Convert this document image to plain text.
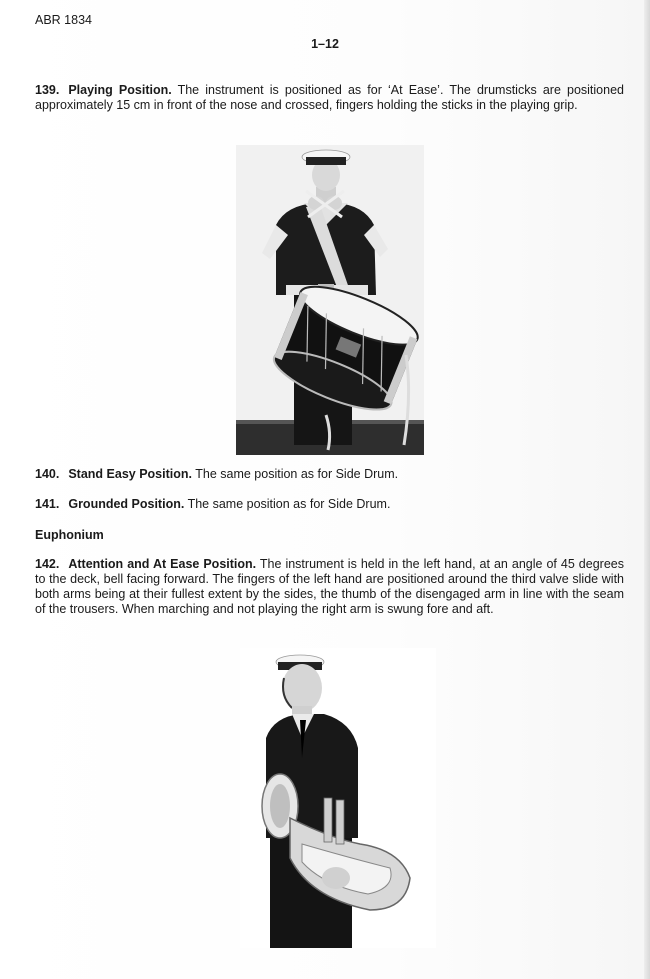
ABR 1834
1–12

139. Playing Position. The instrument is positioned as for ‘At Ease’. The drumsticks are positioned approximately 15 cm in front of the nose and crossed, fingers holding the sticks in the playing grip.

140. Stand Easy Position. The same position as for Side Drum.

141. Grounded Position. The same position as for Side Drum.

Euphonium

142. Attention and At Ease Position. The instrument is held in the left hand, at an angle of 45 degrees to the deck, bell facing forward. The fingers of the left hand are positioned around the third valve slide with both arms being at their fullest extent by the sides, the thumb of the disengaged arm in line with the seam of the trousers. When marching and not playing the right arm is swung fore and aft.
